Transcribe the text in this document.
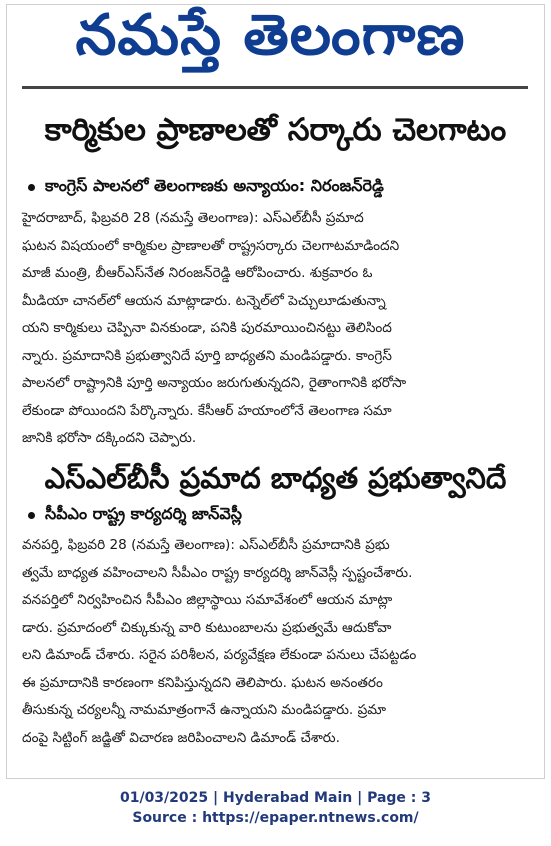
నమస్తే తెలంగాణ
కార్మికుల ప్రాణాలతో సర్కారు చెలగాటం
కాంగ్రెస్ పాలనలో తెలంగాణకు అన్యాయం: నిరంజన్‌రెడ్డి
హైదరాబాద్, ఫిబ్రవరి 28 (నమస్తే తెలంగాణ): ఎస్ఎల్‌బీసీ ప్రమాద
ఘటన విషయంలో కార్మికుల ప్రాణాలతో రాష్ట్రసర్కారు చెలగాటమాడిందని
మాజీ మంత్రి, బీఆర్ఎస్‌నేత నిరంజన్‌రెడ్డి ఆరోపించారు. శుక్రవారం ఓ
మీడియా చానల్‌లో ఆయన మాట్లాడారు. టన్నెల్‌లో పెచ్చులూడుతున్నా
యని కార్మికులు చెప్పినా వినకుండా, పనికి పురమాయించినట్టు తెలిసింద
న్నారు. ప్రమాదానికి ప్రభుత్వానిదే పూర్తి బాధ్యతని మండిపడ్డారు. కాంగ్రెస్
పాలనలో రాష్ట్రానికి పూర్తి అన్యాయం జరుగుతున్నదని, రైతాంగానికి భరోసా
లేకుండా పోయిందని పేర్కొన్నారు. కేసీఆర్ హయాంలోనే తెలంగాణ సమా
జానికి భరోసా దక్కిందని చెప్పారు.
ఎస్ఎల్‌బీసీ ప్రమాద బాధ్యత ప్రభుత్వానిదే
సీపీఎం రాష్ట్ర కార్యదర్శి జాన్‌వెస్లీ
వనపర్తి, ఫిబ్రవరి 28 (నమస్తే తెలంగాణ): ఎస్ఎల్‌బీసీ ప్రమాదానికి ప్రభు
త్వమే బాధ్యత వహించాలని సీపీఎం రాష్ట్ర కార్యదర్శి జాన్‌వెస్లీ స్పష్టంచేశారు.
వనపర్తిలో నిర్వహించిన సీపీఎం జిల్లాస్థాయి సమావేశంలో ఆయన మాట్లా
డారు. ప్రమాదంలో చిక్కుకున్న వారి కుటుంబాలను ప్రభుత్వమే ఆదుకోవా
లని డిమాండ్ చేశారు. సరైన పరిశీలన, పర్యవేక్షణ లేకుండా పనులు చేపట్టడం
ఈ ప్రమాదానికి కారణంగా కనిపిస్తున్నదని తెలిపారు. ఘటన అనంతరం
తీసుకున్న చర్యలన్నీ నామమాత్రంగానే ఉన్నాయని మండిపడ్డారు. ప్రమా
దంపై సిట్టింగ్ జడ్జితో విచారణ జరిపించాలని డిమాండ్ చేశారు.
01/03/2025 | Hyderabad Main | Page : 3
Source : https://epaper.ntnews.com/
